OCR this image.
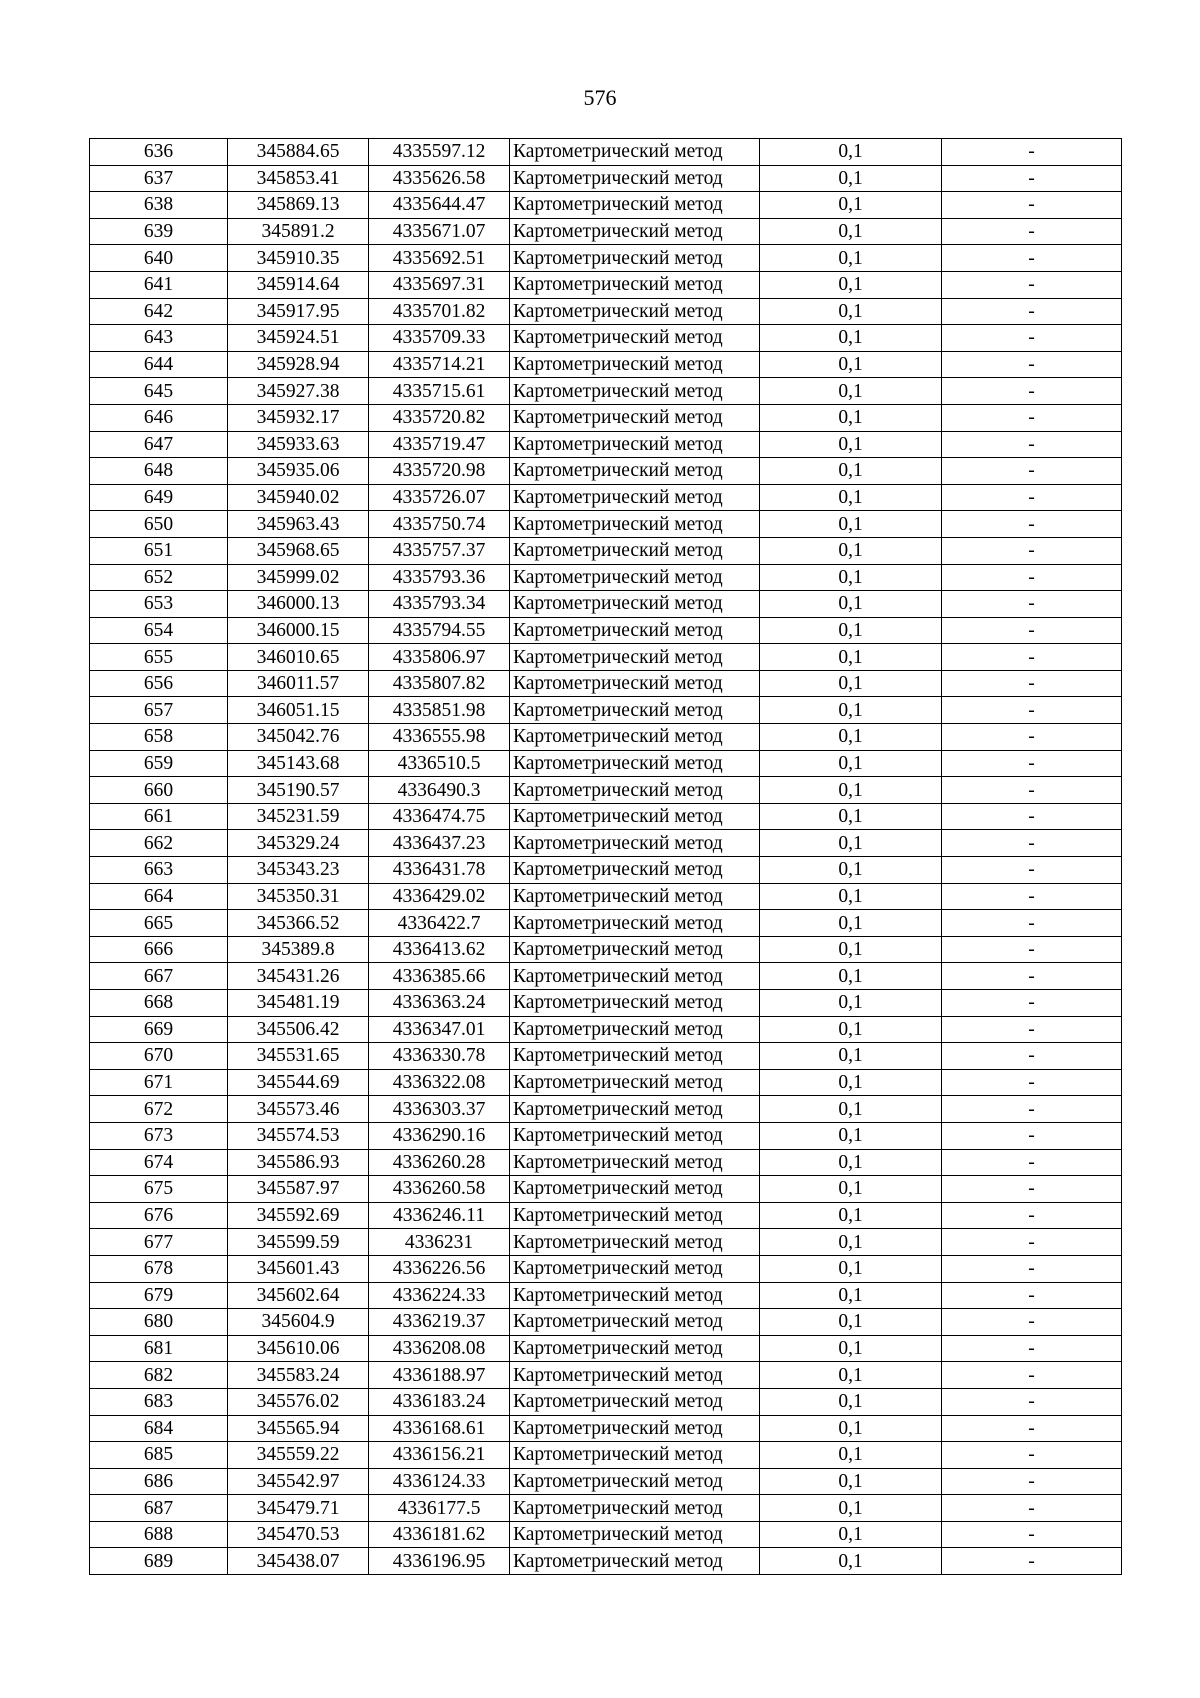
576
636	345884.65	4335597.12	Картометрический метод	0,1	-
637	345853.41	4335626.58	Картометрический метод	0,1	-
638	345869.13	4335644.47	Картометрический метод	0,1	-
639	345891.2	4335671.07	Картометрический метод	0,1	-
640	345910.35	4335692.51	Картометрический метод	0,1	-
641	345914.64	4335697.31	Картометрический метод	0,1	-
642	345917.95	4335701.82	Картометрический метод	0,1	-
643	345924.51	4335709.33	Картометрический метод	0,1	-
644	345928.94	4335714.21	Картометрический метод	0,1	-
645	345927.38	4335715.61	Картометрический метод	0,1	-
646	345932.17	4335720.82	Картометрический метод	0,1	-
647	345933.63	4335719.47	Картометрический метод	0,1	-
648	345935.06	4335720.98	Картометрический метод	0,1	-
649	345940.02	4335726.07	Картометрический метод	0,1	-
650	345963.43	4335750.74	Картометрический метод	0,1	-
651	345968.65	4335757.37	Картометрический метод	0,1	-
652	345999.02	4335793.36	Картометрический метод	0,1	-
653	346000.13	4335793.34	Картометрический метод	0,1	-
654	346000.15	4335794.55	Картометрический метод	0,1	-
655	346010.65	4335806.97	Картометрический метод	0,1	-
656	346011.57	4335807.82	Картометрический метод	0,1	-
657	346051.15	4335851.98	Картометрический метод	0,1	-
658	345042.76	4336555.98	Картометрический метод	0,1	-
659	345143.68	4336510.5	Картометрический метод	0,1	-
660	345190.57	4336490.3	Картометрический метод	0,1	-
661	345231.59	4336474.75	Картометрический метод	0,1	-
662	345329.24	4336437.23	Картометрический метод	0,1	-
663	345343.23	4336431.78	Картометрический метод	0,1	-
664	345350.31	4336429.02	Картометрический метод	0,1	-
665	345366.52	4336422.7	Картометрический метод	0,1	-
666	345389.8	4336413.62	Картометрический метод	0,1	-
667	345431.26	4336385.66	Картометрический метод	0,1	-
668	345481.19	4336363.24	Картометрический метод	0,1	-
669	345506.42	4336347.01	Картометрический метод	0,1	-
670	345531.65	4336330.78	Картометрический метод	0,1	-
671	345544.69	4336322.08	Картометрический метод	0,1	-
672	345573.46	4336303.37	Картометрический метод	0,1	-
673	345574.53	4336290.16	Картометрический метод	0,1	-
674	345586.93	4336260.28	Картометрический метод	0,1	-
675	345587.97	4336260.58	Картометрический метод	0,1	-
676	345592.69	4336246.11	Картометрический метод	0,1	-
677	345599.59	4336231	Картометрический метод	0,1	-
678	345601.43	4336226.56	Картометрический метод	0,1	-
679	345602.64	4336224.33	Картометрический метод	0,1	-
680	345604.9	4336219.37	Картометрический метод	0,1	-
681	345610.06	4336208.08	Картометрический метод	0,1	-
682	345583.24	4336188.97	Картометрический метод	0,1	-
683	345576.02	4336183.24	Картометрический метод	0,1	-
684	345565.94	4336168.61	Картометрический метод	0,1	-
685	345559.22	4336156.21	Картометрический метод	0,1	-
686	345542.97	4336124.33	Картометрический метод	0,1	-
687	345479.71	4336177.5	Картометрический метод	0,1	-
688	345470.53	4336181.62	Картометрический метод	0,1	-
689	345438.07	4336196.95	Картометрический метод	0,1	-
